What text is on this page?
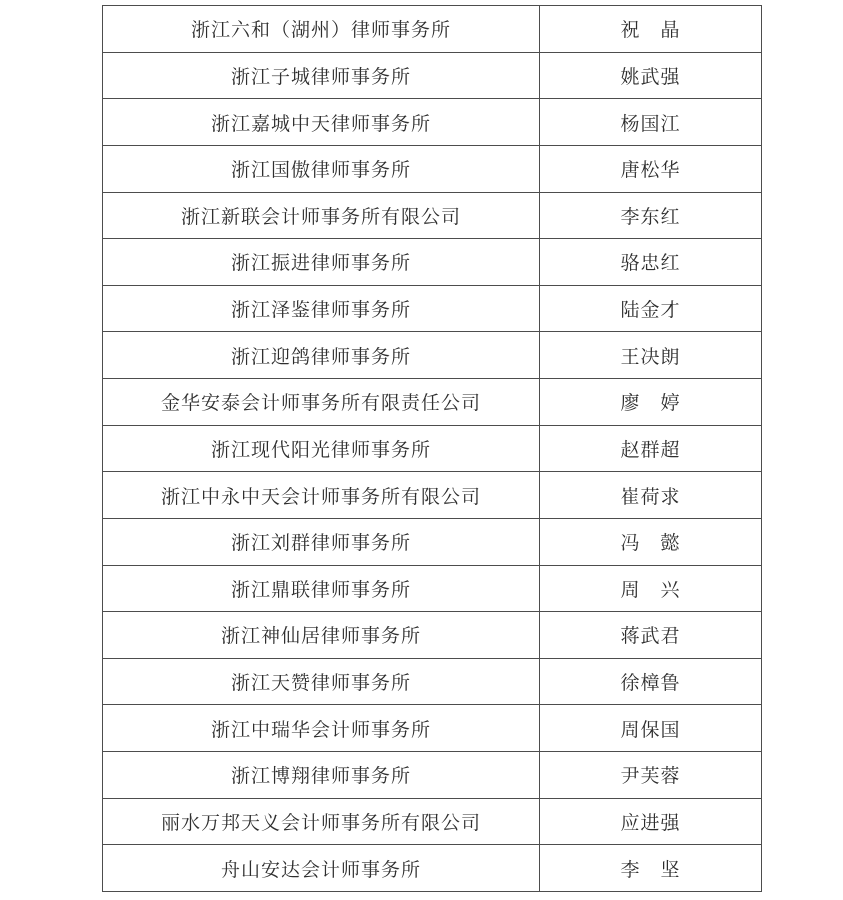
浙江六和（湖州）律师事务所	祝　晶
浙江子城律师事务所	姚武强
浙江嘉城中天律师事务所	杨国江
浙江国傲律师事务所	唐松华
浙江新联会计师事务所有限公司	李东红
浙江振进律师事务所	骆忠红
浙江泽鉴律师事务所	陆金才
浙江迎鸽律师事务所	王决朗
金华安泰会计师事务所有限责任公司	廖　婷
浙江现代阳光律师事务所	赵群超
浙江中永中天会计师事务所有限公司	崔荷求
浙江刘群律师事务所	冯　懿
浙江鼎联律师事务所	周　兴
浙江神仙居律师事务所	蒋武君
浙江天赞律师事务所	徐樟鲁
浙江中瑞华会计师事务所	周保国
浙江博翔律师事务所	尹芙蓉
丽水万邦天义会计师事务所有限公司	应进强
舟山安达会计师事务所	李　坚
